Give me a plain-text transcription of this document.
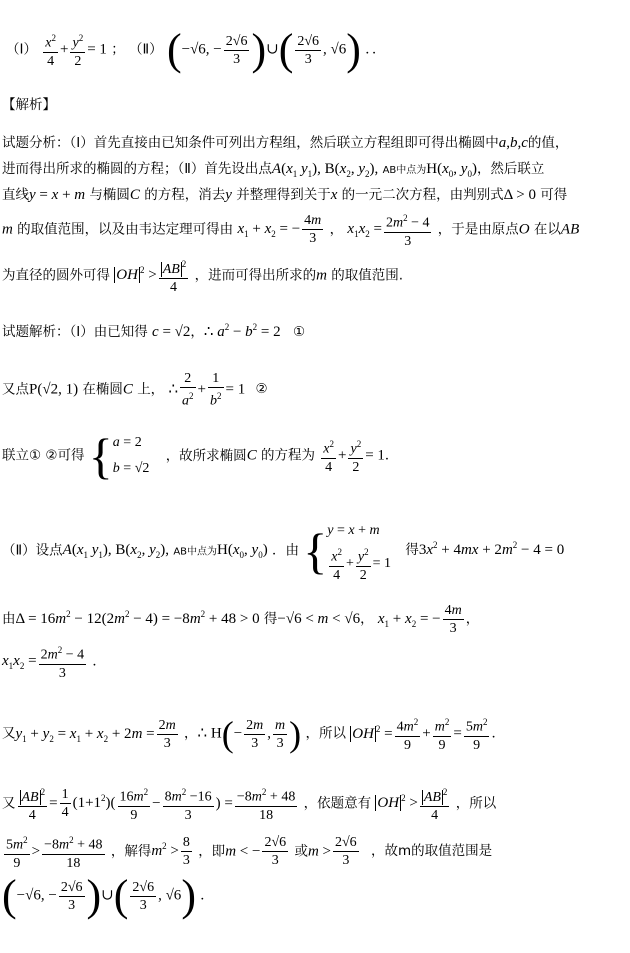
（Ⅰ） $\frac{x^2}{4} + \frac{y^2}{2} = 1$ ； （Ⅱ） (−√6, − $\frac{2√6}{3}$ )∪( $\frac{2√6}{3}$ , √6) ．．
【解析】
试题分析：（Ⅰ）首先直接由已知条件可列出方程组，然后联立方程组即可得出椭圆中a,b,c的值，
进而得出所求的椭圆的方程；（Ⅱ）首先设出点$A(x_1$ $y_1$), $B(x_2$, $y_2$), AB中点为$H(x_0$, $y_0$)，然后联立
直线y = x + m 与椭圆C 的方程，消去y 并整理得到关于x 的一元二次方程，由判别式Δ > 0 可得
m 的取值范围，以及由韦达定理可得由 $x_1 + x_2$ = − $\frac{4m}{3}$ ， $x_1x_2 = \frac{2m^2 - 4}{3}$ ，于是由原点O 在以AB
为直径的圆外可得 OH $^2 > \frac{AB ^2}{4}$ ，进而可得出所求的m 的取值范围.
试题解析：（Ⅰ）由已知得 c = √2，∴ $a^2 - b^2 = 2$ ①
又点P(√2, 1) 在椭圆C 上， ∴ $\frac{2}{a^2} + \frac{1}{b^2} = 1$ ②
联立① ②可得 { a = 2
b = √2
，故所求椭圆C 的方程为 $\frac{x^2}{4} + \frac{y^2}{2} = 1$．
（Ⅱ）设点$A(x_1$ $y_1$), $B(x_2$, $y_2$), AB中点为$H(x_0$, $y_0$) ．由 { y = x + m
$\frac{x^2}{4} + \frac{y^2}{2} = 1$
得$3x^2 + 4mx + 2m^2 - 4 = 0$
由$\Delta = 16m^2 - 12(2m^2 - 4) = -8m^2 + 48 > 0$ 得−√6 < m < √6， $x_1 + x_2$ = − $\frac{4m}{3}$ ，
$x_1x_2 = \frac{2m^2 - 4}{3}$ ．
又$y_1 + y_2 = x_1 + x_2 + 2m = \frac{2m}{3}$ ，∴ $H(- \frac{2m}{3}$ , $\frac{m}{3}$ ) ，所以 OH $^2 = \frac{4m^2}{9} + \frac{m^2}{9} = \frac{5m^2}{9}$ ．
又 $\frac{AB ^2}{4} = \frac{1}{4} (1+1^2)( \frac{16m^2}{9} - \frac{8m^2 -16}{3}$ ) = $\frac{-8m^2 + 48}{18}$ ，依题意有 OH $^2 > \frac{AB ^2}{4}$ ，所以
$\frac{5m^2}{9} > \frac{-8m^2 + 48}{18}$ ，解得$m^2 > \frac{8}{3}$ ，即m < − $\frac{2√6}{3}$ 或$m > \frac{2√6}{3}$ ，故m的取值范围是
(−√6, − $\frac{2√6}{3}$ )∪( $\frac{2√6}{3}$ , √6) ．
